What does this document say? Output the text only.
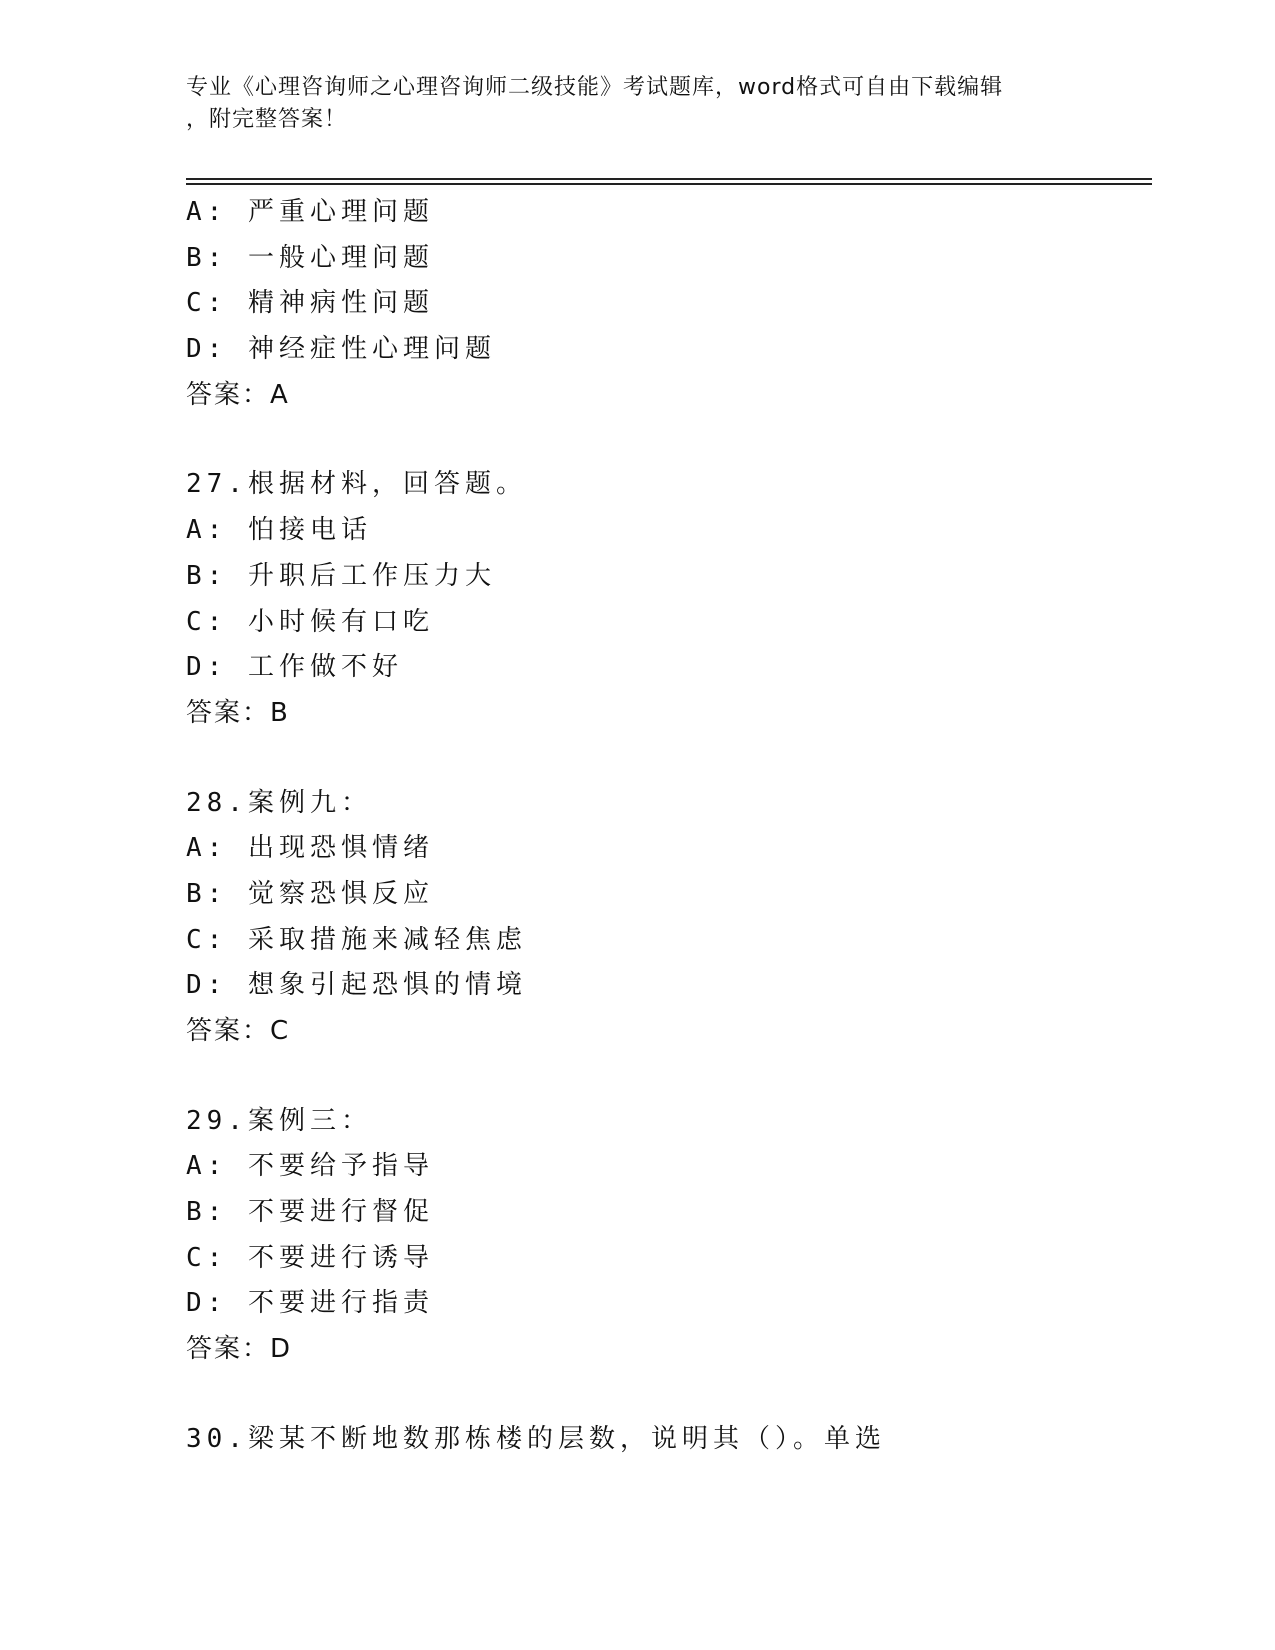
专业《心理咨询师之心理咨询师二级技能》考试题库，word格式可自由下载编辑
，附完整答案！
A: 严重心理问题
B: 一般心理问题
C: 精神病性问题
D: 神经症性心理问题
答案：A
27.根据材料，回答题。
A: 怕接电话
B: 升职后工作压力大
C: 小时候有口吃
D: 工作做不好
答案：B
28.案例九：
A: 出现恐惧情绪
B: 觉察恐惧反应
C: 采取措施来减轻焦虑
D: 想象引起恐惧的情境
答案：C
29.案例三：
A: 不要给予指导
B: 不要进行督促
C: 不要进行诱导
D: 不要进行指责
答案：D
30.梁某不断地数那栋楼的层数，说明其（）。单选
